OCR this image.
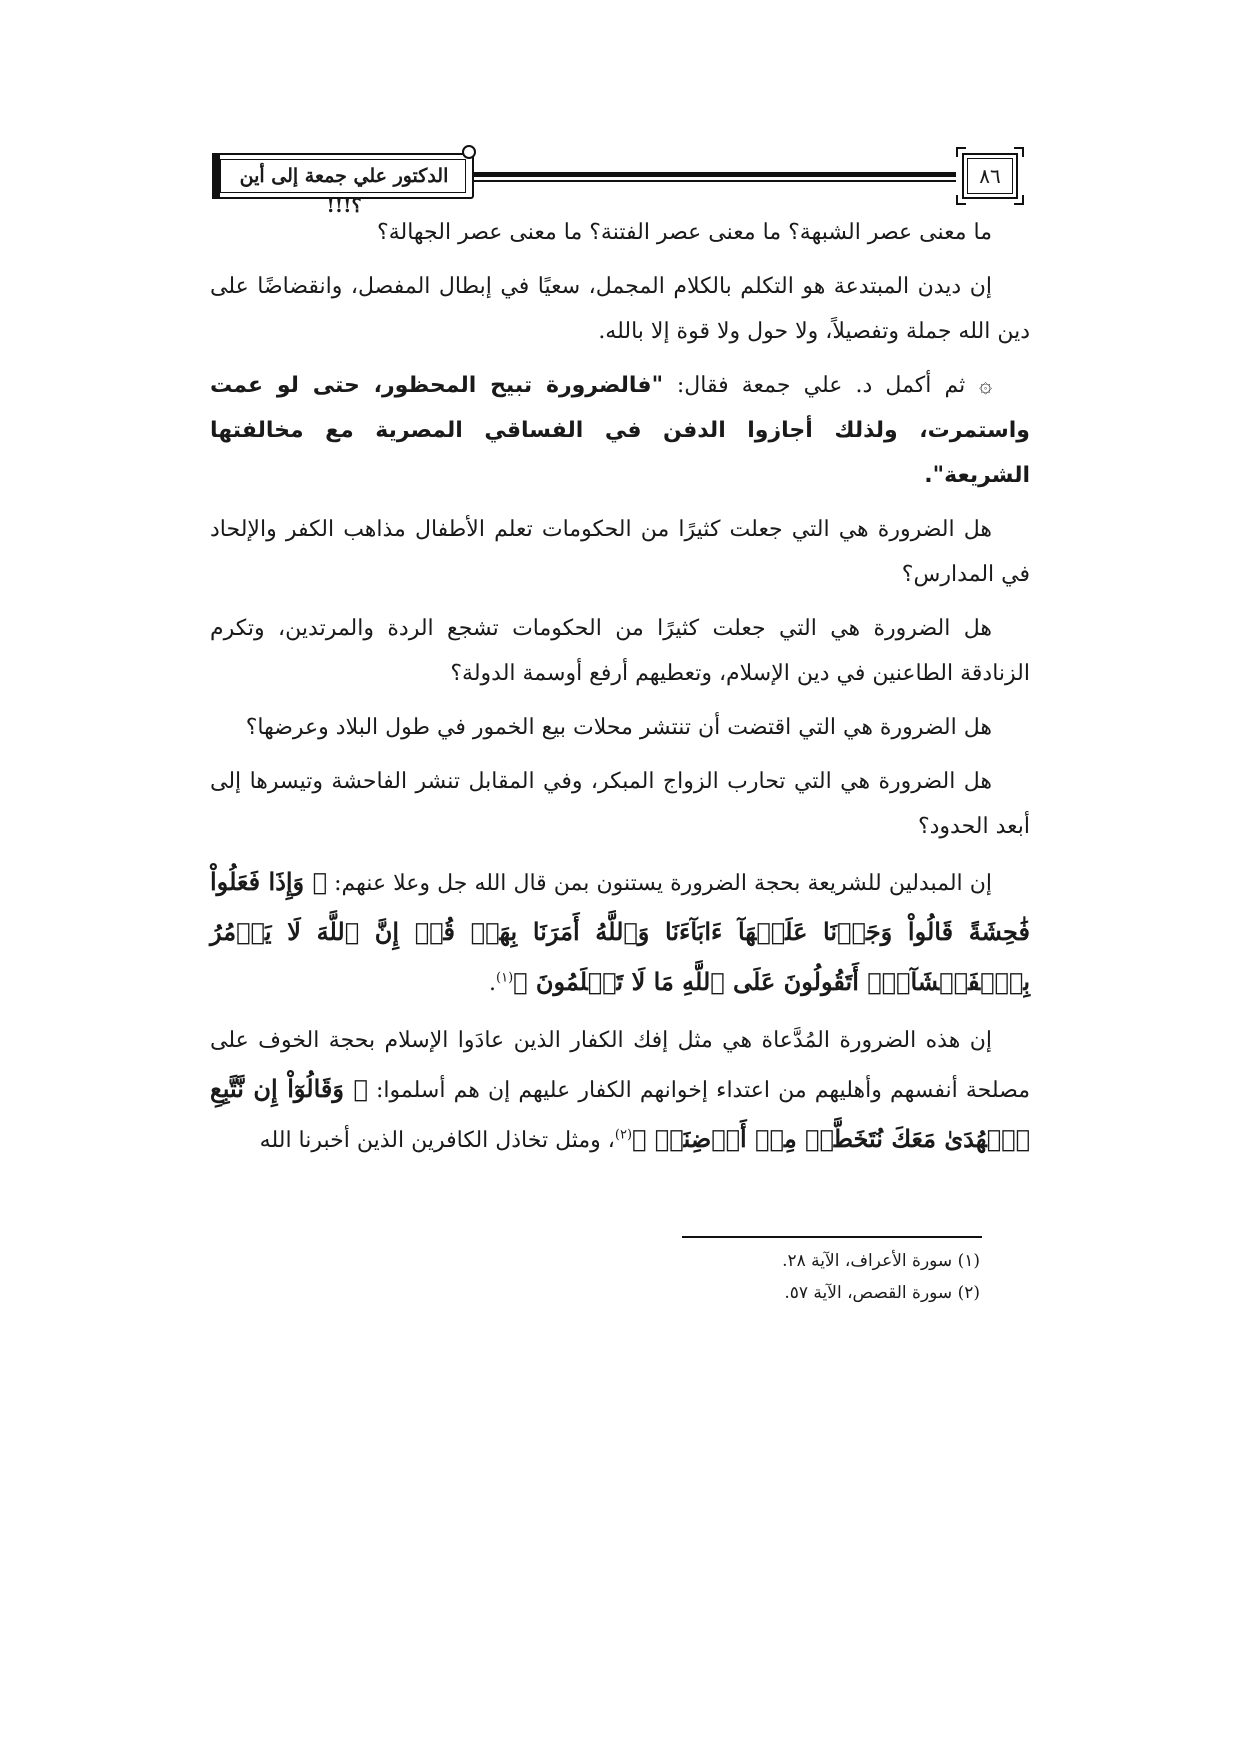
الدكتور علي جمعة إلى أين ؟!!!
٨٦

ما معنى عصر الشبهة؟ ما معنى عصر الفتنة؟ ما معنى عصر الجهالة؟

إن ديدن المبتدعة هو التكلم بالكلام المجمل، سعيًا في إبطال المفصل، وانقضاضًا على دين الله جملة وتفصيلاً، ولا حول ولا قوة إلا بالله.

۞ ثم أكمل د. علي جمعة فقال: "فالضرورة تبيح المحظور، حتى لو عمت واستمرت، ولذلك أجازوا الدفن في الفساقي المصرية مع مخالفتها الشريعة".

هل الضرورة هي التي جعلت كثيرًا من الحكومات تعلم الأطفال مذاهب الكفر والإلحاد في المدارس؟

هل الضرورة هي التي جعلت كثيرًا من الحكومات تشجع الردة والمرتدين، وتكرم الزنادقة الطاعنين في دين الإسلام، وتعطيهم أرفع أوسمة الدولة؟

هل الضرورة هي التي اقتضت أن تنتشر محلات بيع الخمور في طول البلاد وعرضها؟

هل الضرورة هي التي تحارب الزواج المبكر، وفي المقابل تنشر الفاحشة وتيسرها إلى أبعد الحدود؟

إن المبدلين للشريعة بحجة الضرورة يستنون بمن قال الله جل وعلا عنهم: ﴿ وَإِذَا فَعَلُواْ فَٰحِشَةً قَالُواْ وَجَدۡنَا عَلَيۡهَآ ءَابَآءَنَا وَٱللَّهُ أَمَرَنَا بِهَاۗ قُلۡ إِنَّ ٱللَّهَ لَا يَأۡمُرُ بِٱلۡفَحۡشَآءِۖ أَتَقُولُونَ عَلَى ٱللَّهِ مَا لَا تَعۡلَمُونَ ﴾$^{(١)}$.

إن هذه الضرورة المُدَّعاة هي مثل إفك الكفار الذين عادَوا الإسلام بحجة الخوف على مصلحة أنفسهم وأهليهم من اعتداء إخوانهم الكفار عليهم إن هم أسلموا: ﴿ وَقَالُوٓاْ إِن نَّتَّبِعِ ٱلۡهُدَىٰ مَعَكَ نُتَخَطَّفۡ مِنۡ أَرۡضِنَآۚ ﴾$^{(٢)}$، ومثل تخاذل الكافرين الذين أخبرنا الله

(١) سورة الأعراف، الآية ٢٨.

(٢) سورة القصص، الآية ٥٧.
